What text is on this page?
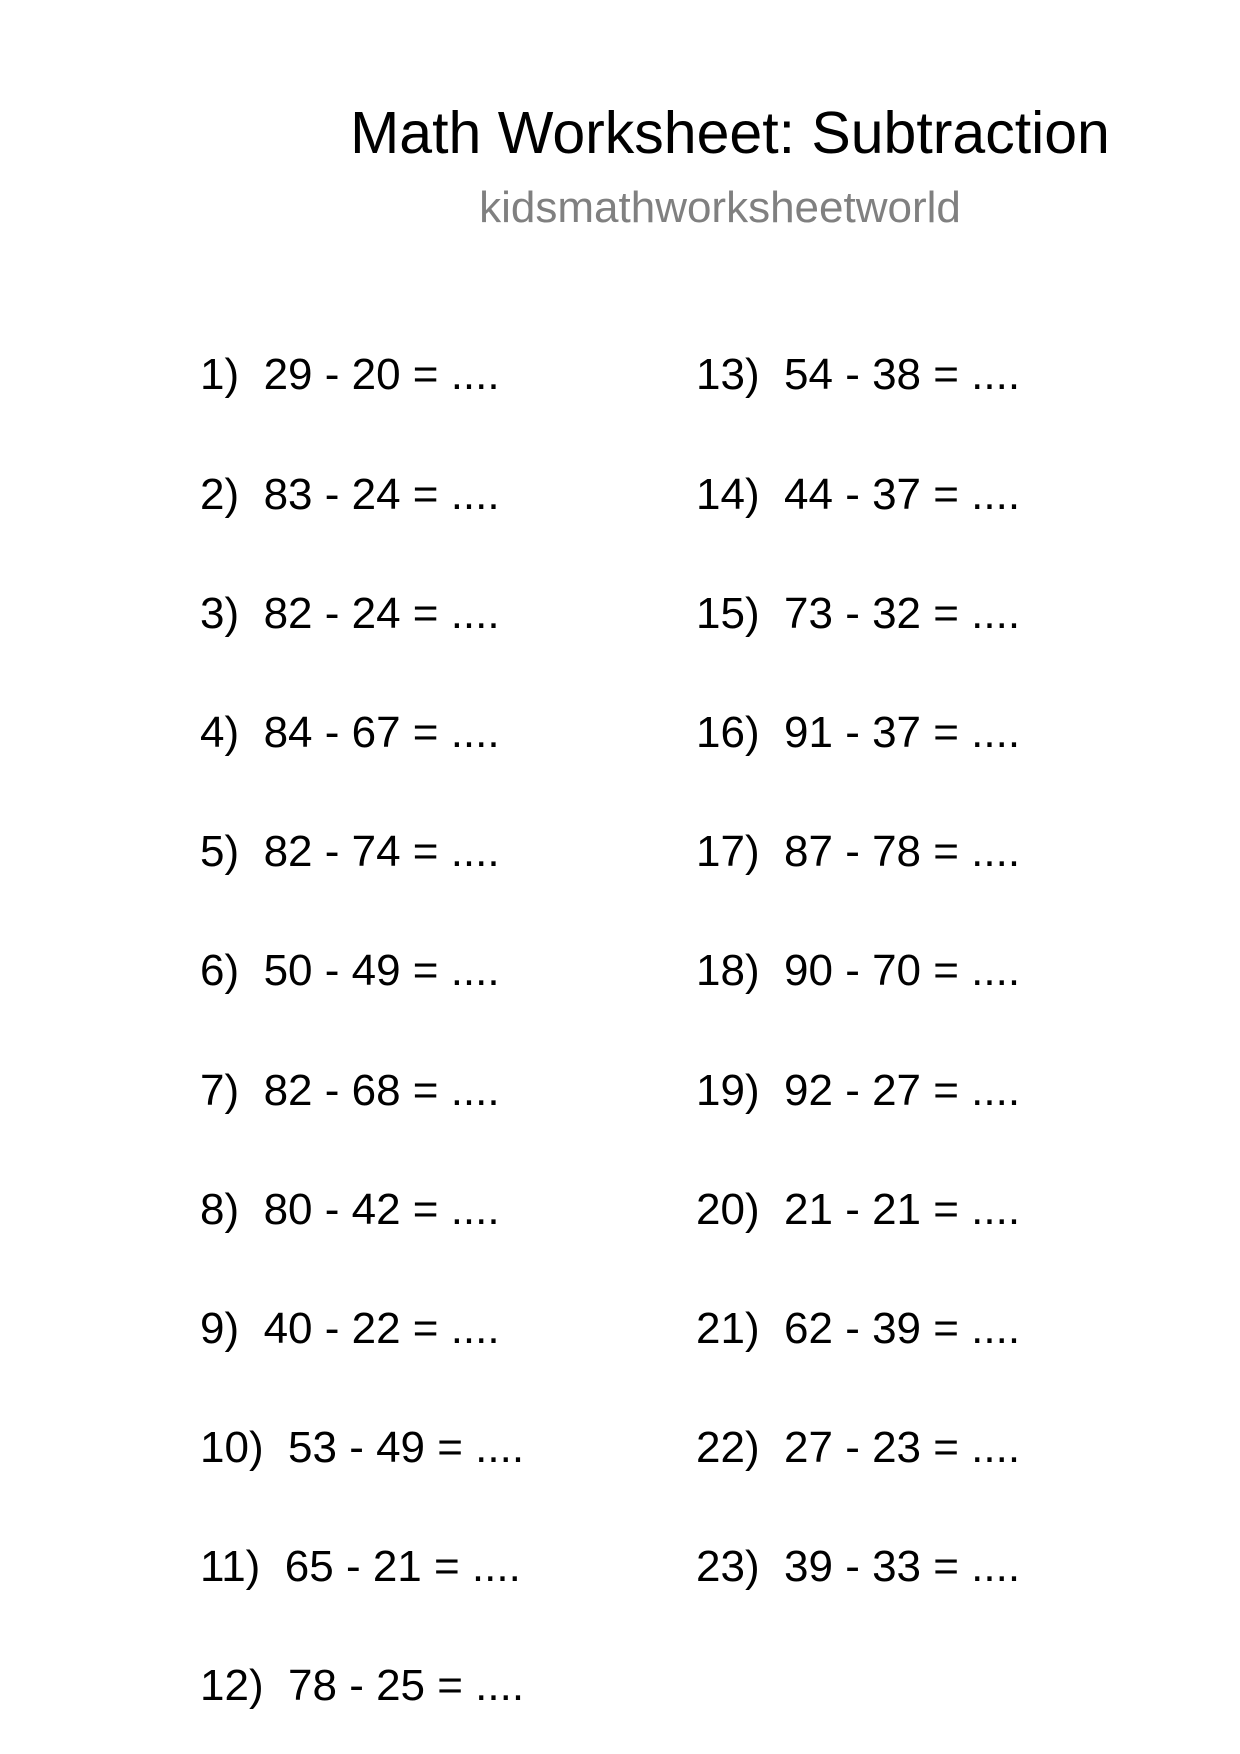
Math Worksheet: Subtraction
kidsmathworksheetworld
1)  29 - 20 = ....
2)  83 - 24 = ....
3)  82 - 24 = ....
4)  84 - 67 = ....
5)  82 - 74 = ....
6)  50 - 49 = ....
7)  82 - 68 = ....
8)  80 - 42 = ....
9)  40 - 22 = ....
10)  53 - 49 = ....
11)  65 - 21 = ....
12)  78 - 25 = ....
13)  54 - 38 = ....
14)  44 - 37 = ....
15)  73 - 32 = ....
16)  91 - 37 = ....
17)  87 - 78 = ....
18)  90 - 70 = ....
19)  92 - 27 = ....
20)  21 - 21 = ....
21)  62 - 39 = ....
22)  27 - 23 = ....
23)  39 - 33 = ....
